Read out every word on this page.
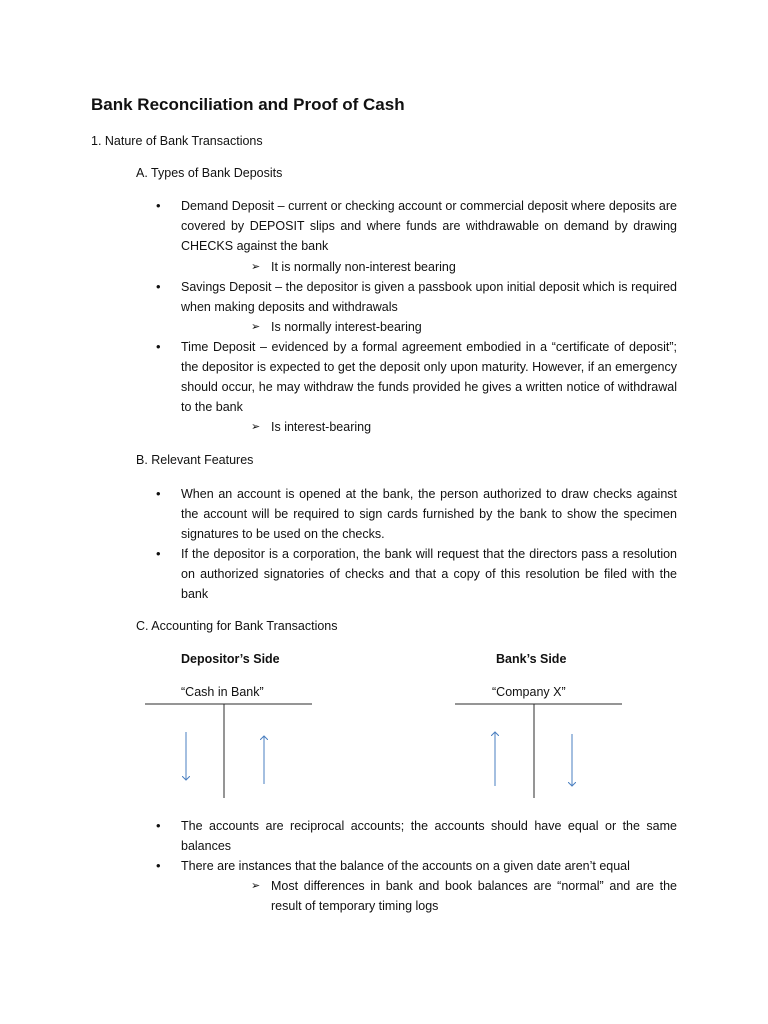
Bank Reconciliation and Proof of Cash
1. Nature of Bank Transactions
A. Types of Bank Deposits
• Demand Deposit – current or checking account or commercial deposit where deposits are covered by DEPOSIT slips and where funds are withdrawable on demand by drawing CHECKS against the bank
➢ It is normally non-interest bearing
• Savings Deposit – the depositor is given a passbook upon initial deposit which is required when making deposits and withdrawals
➢ Is normally interest-bearing
• Time Deposit – evidenced by a formal agreement embodied in a “certificate of deposit”; the depositor is expected to get the deposit only upon maturity. However, if an emergency should occur, he may withdraw the funds provided he gives a written notice of withdrawal to the bank
➢ Is interest-bearing
B. Relevant Features
• When an account is opened at the bank, the person authorized to draw checks against the account will be required to sign cards furnished by the bank to show the specimen signatures to be used on the checks.
• If the depositor is a corporation, the bank will request that the directors pass a resolution on authorized signatories of checks and that a copy of this resolution be filed with the bank
C. Accounting for Bank Transactions
Depositor’s Side	Bank’s Side
“Cash in Bank”	“Company X”
• The accounts are reciprocal accounts; the accounts should have equal or the same balances
• There are instances that the balance of the accounts on a given date aren’t equal
➢ Most differences in bank and book balances are “normal” and are the result of temporary timing logs
